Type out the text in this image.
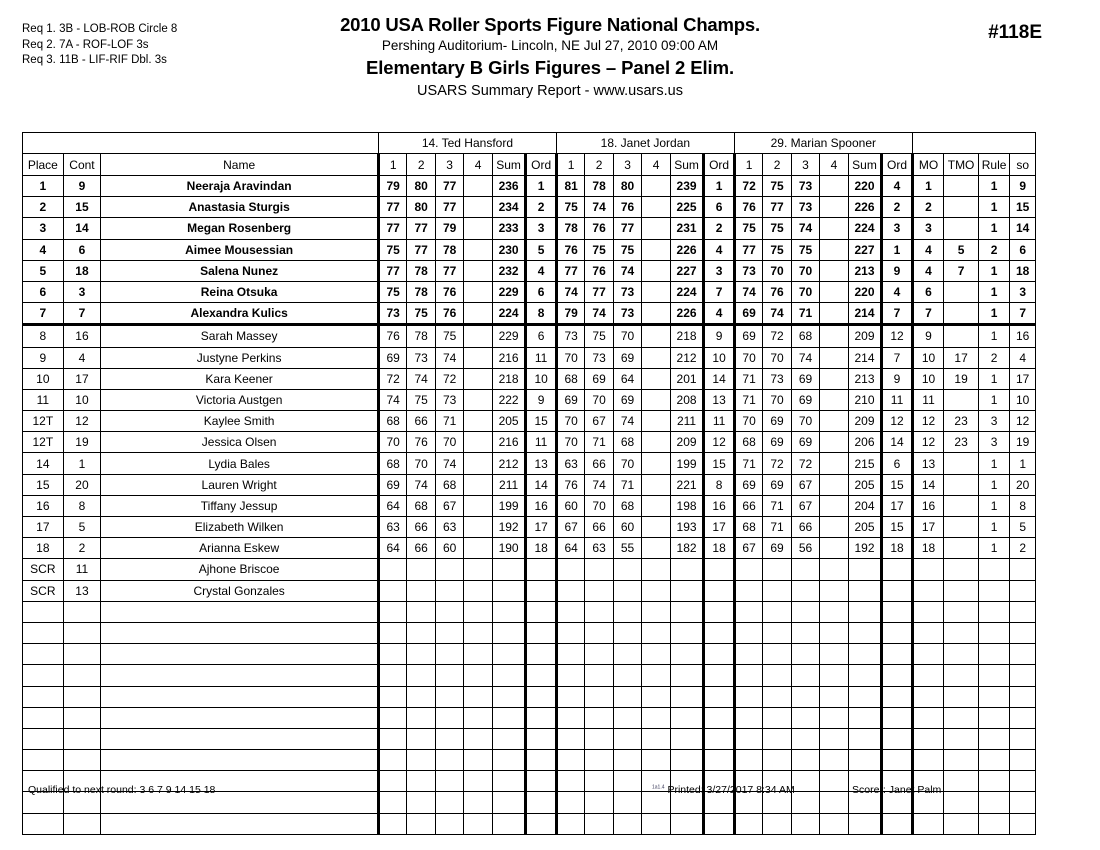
Req 1. 3B - LOB-ROB Circle 8
Req 2. 7A - ROF-LOF 3s
Req 3. 11B - LIF-RIF Dbl. 3s
2010 USA Roller Sports Figure National Champs.
Pershing Auditorium- Lincoln, NE Jul 27, 2010 09:00 AM
Elementary B Girls Figures – Panel 2 Elim.
USARS Summary Report - www.usars.us
#118E
			14. Ted Hansford						18. Janet Jordan						29. Marian Spooner									
Place	Cont	Name	1	2	3	4	Sum	Ord	1	2	3	4	Sum	Ord	1	2	3	4	Sum	Ord	MO	TMO	Rule	so
1	9	Neeraja Aravindan	79	80	77		236	1	81	78	80		239	1	72	75	73		220	4	1		1	9
2	15	Anastasia Sturgis	77	80	77		234	2	75	74	76		225	6	76	77	73		226	2	2		1	15
3	14	Megan Rosenberg	77	77	79		233	3	78	76	77		231	2	75	75	74		224	3	3		1	14
4	6	Aimee Mousessian	75	77	78		230	5	76	75	75		226	4	77	75	75		227	1	4	5	2	6
5	18	Salena Nunez	77	78	77		232	4	77	76	74		227	3	73	70	70		213	9	4	7	1	18
6	3	Reina Otsuka	75	78	76		229	6	74	77	73		224	7	74	76	70		220	4	6		1	3
7	7	Alexandra Kulics	73	75	76		224	8	79	74	73		226	4	69	74	71		214	7	7		1	7
8	16	Sarah Massey	76	78	75		229	6	73	75	70		218	9	69	72	68		209	12	9		1	16
9	4	Justyne Perkins	69	73	74		216	11	70	73	69		212	10	70	70	74		214	7	10	17	2	4
10	17	Kara Keener	72	74	72		218	10	68	69	64		201	14	71	73	69		213	9	10	19	1	17
11	10	Victoria Austgen	74	75	73		222	9	69	70	69		208	13	71	70	69		210	11	11		1	10
12T	12	Kaylee Smith	68	66	71		205	15	70	67	74		211	11	70	69	70		209	12	12	23	3	12
12T	19	Jessica Olsen	70	76	70		216	11	70	71	68		209	12	68	69	69		206	14	12	23	3	19
14	1	Lydia Bales	68	70	74		212	13	63	66	70		199	15	71	72	72		215	6	13		1	1
15	20	Lauren Wright	69	74	68		211	14	76	74	71		221	8	69	69	67		205	15	14		1	20
16	8	Tiffany Jessup	64	68	67		199	16	60	70	68		198	16	66	71	67		204	17	16		1	8
17	5	Elizabeth Wilken	63	66	63		192	17	67	66	60		193	17	68	71	66		205	15	17		1	5
18	2	Arianna Eskew	64	66	60		190	18	64	63	55		182	18	67	69	56		192	18	18		1	2
SCR	11	Ajhone Briscoe																						
SCR	13	Crystal Gonzales																						

Qualified to next round: 3 6 7 9 14 15 18	$^{1a1.4}$ Printed: 3/27/2017 8:34 AM	Scorer: Janet Palm
